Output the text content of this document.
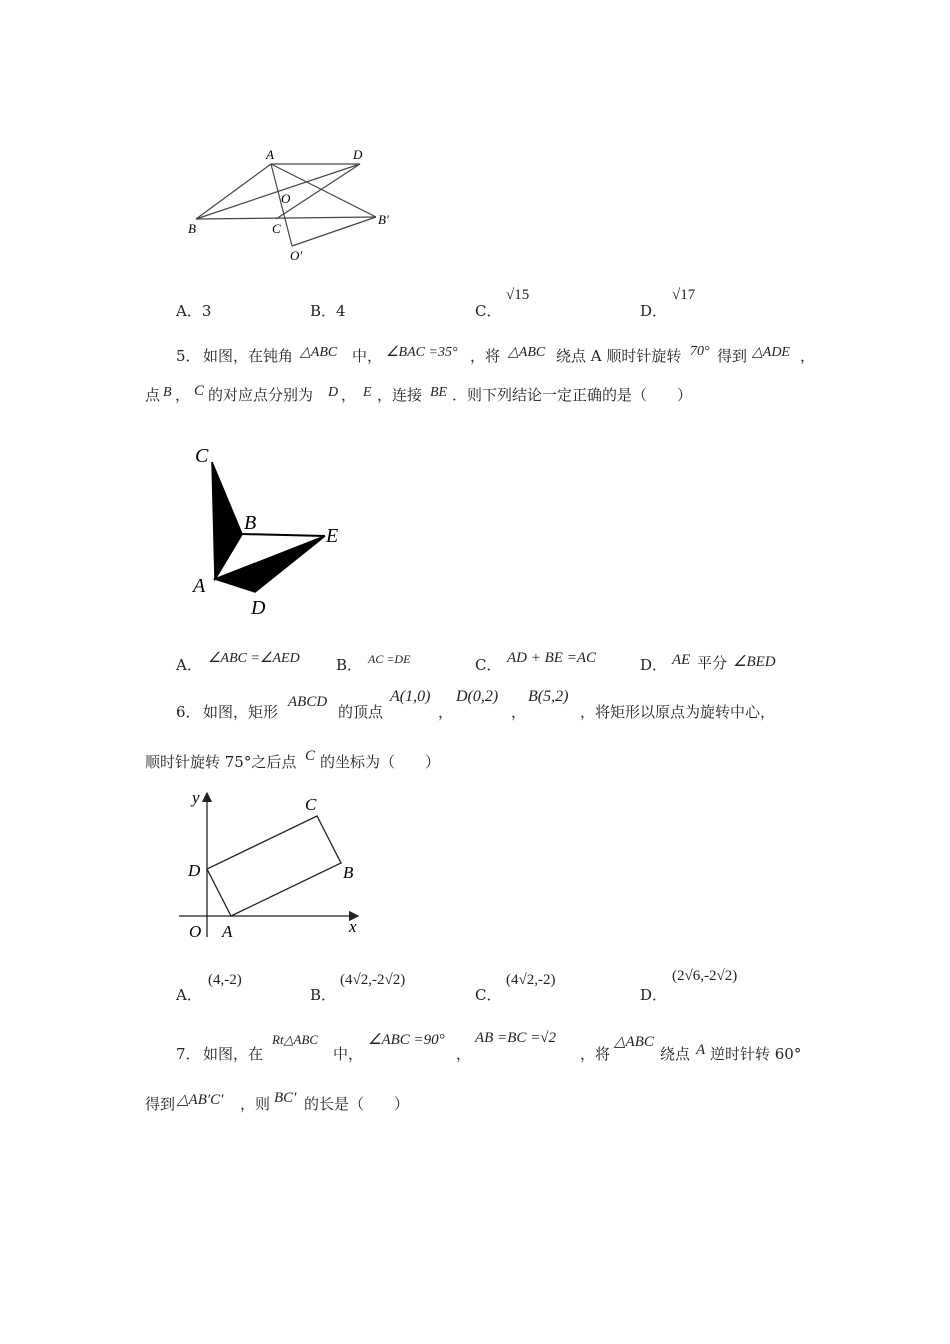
A	D
O
B	C
B′
O′
A．3	B．4	C．
√15
D．
√17
5． 如图，在钝角 △ABC 中， ∠BAC =35° ，将 △ABC 绕点 A 顺时针旋转 70° 得到 △ADE ，
点 B ， C 的对应点分别为 D ， E ，连接 BE ．则下列结论一定正确的是（　　）
C
B
E
A
D
A． ∠ABC =∠AED B． AC =DE	C． AD + BE =AC	D． AE 平分 ∠BED
6． 如图，矩形
ABCD
的顶点
A(1,0)
，
D(0,2)
，
B(5,2)
，将矩形以原点为旋转中心，
顺时针旋转 75°之后点 C 的坐标为（　　）
y	C
D	B
O A	x
A．
(4,‑2)
B．
(4√2,‑2√2)
C．
(4√2,‑2)
D．
(2√6,‑2√2)
7． 如图，在
Rt△ABC
中，
∠ABC =90°
，
AB =BC =√2
，将
△ABC
绕点 A 逆时针转 60°
得到 △AB′C′ ，则 BC′ 的长是（　　）
